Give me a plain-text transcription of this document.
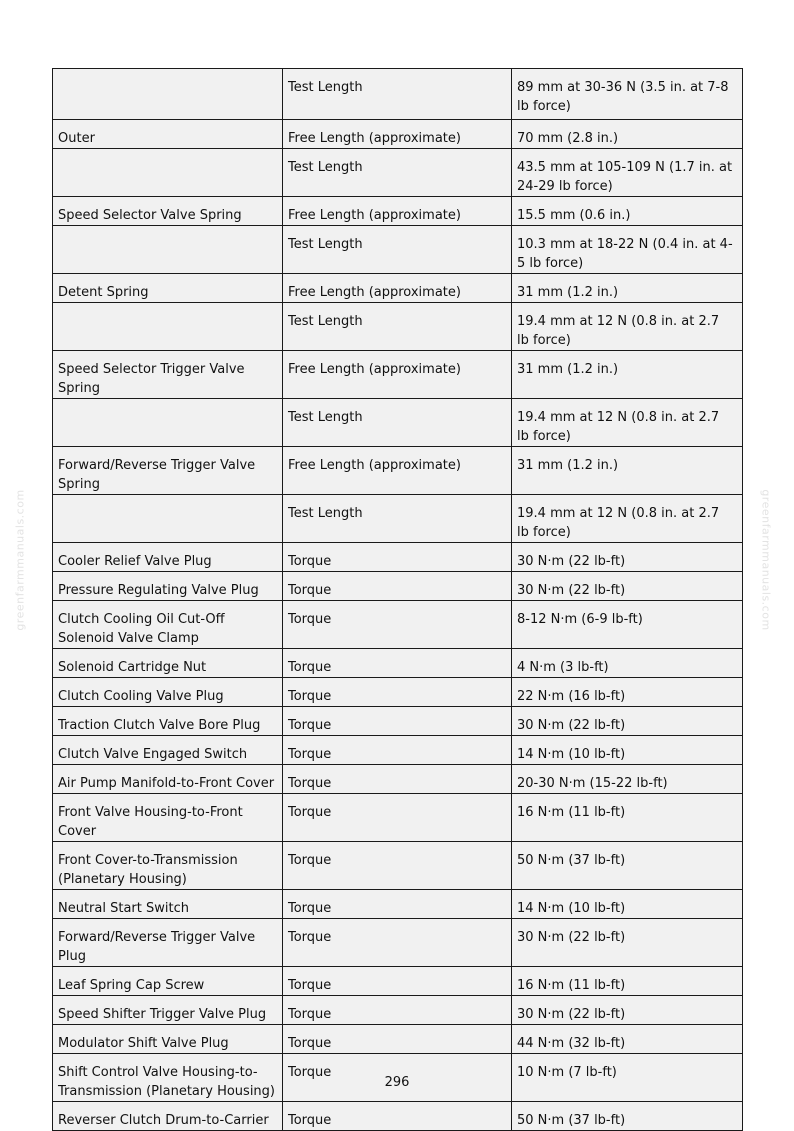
	Test Length	89 mm at 30-36 N (3.5 in. at 7-8 lb force)
Outer	Free Length (approximate)	70 mm (2.8 in.)
	Test Length	43.5 mm at 105-109 N (1.7 in. at 24-29 lb force)
Speed Selector Valve Spring	Free Length (approximate)	15.5 mm (0.6 in.)
	Test Length	10.3 mm at 18-22 N (0.4 in. at 4-5 lb force)
Detent Spring	Free Length (approximate)	31 mm (1.2 in.)
	Test Length	19.4 mm at 12 N (0.8 in. at 2.7 lb force)
Speed Selector Trigger Valve Spring	Free Length (approximate)	31 mm (1.2 in.)
	Test Length	19.4 mm at 12 N (0.8 in. at 2.7 lb force)
Forward/Reverse Trigger Valve Spring	Free Length (approximate)	31 mm (1.2 in.)
	Test Length	19.4 mm at 12 N (0.8 in. at 2.7 lb force)
Cooler Relief Valve Plug	Torque	30 N·m (22 lb-ft)
Pressure Regulating Valve Plug	Torque	30 N·m (22 lb-ft)
Clutch Cooling Oil Cut-Off Solenoid Valve Clamp	Torque	8-12 N·m (6-9 lb-ft)
Solenoid Cartridge Nut	Torque	4 N·m (3 lb-ft)
Clutch Cooling Valve Plug	Torque	22 N·m (16 lb-ft)
Traction Clutch Valve Bore Plug	Torque	30 N·m (22 lb-ft)
Clutch Valve Engaged Switch	Torque	14 N·m (10 lb-ft)
Air Pump Manifold-to-Front Cover	Torque	20-30 N·m (15-22 lb-ft)
Front Valve Housing-to-Front Cover	Torque	16 N·m (11 lb-ft)
Front Cover-to-Transmission (Planetary Housing)	Torque	50 N·m (37 lb-ft)
Neutral Start Switch	Torque	14 N·m (10 lb-ft)
Forward/Reverse Trigger Valve Plug	Torque	30 N·m (22 lb-ft)
Leaf Spring Cap Screw	Torque	16 N·m (11 lb-ft)
Speed Shifter Trigger Valve Plug	Torque	30 N·m (22 lb-ft)
Modulator Shift Valve Plug	Torque	44 N·m (32 lb-ft)
Shift Control Valve Housing-to-Transmission (Planetary Housing)	Torque	10 N·m (7 lb-ft)
Reverser Clutch Drum-to-Carrier	Torque	50 N·m (37 lb-ft)
296
greenfarmmanuals.com	greenfarmmanuals.com
